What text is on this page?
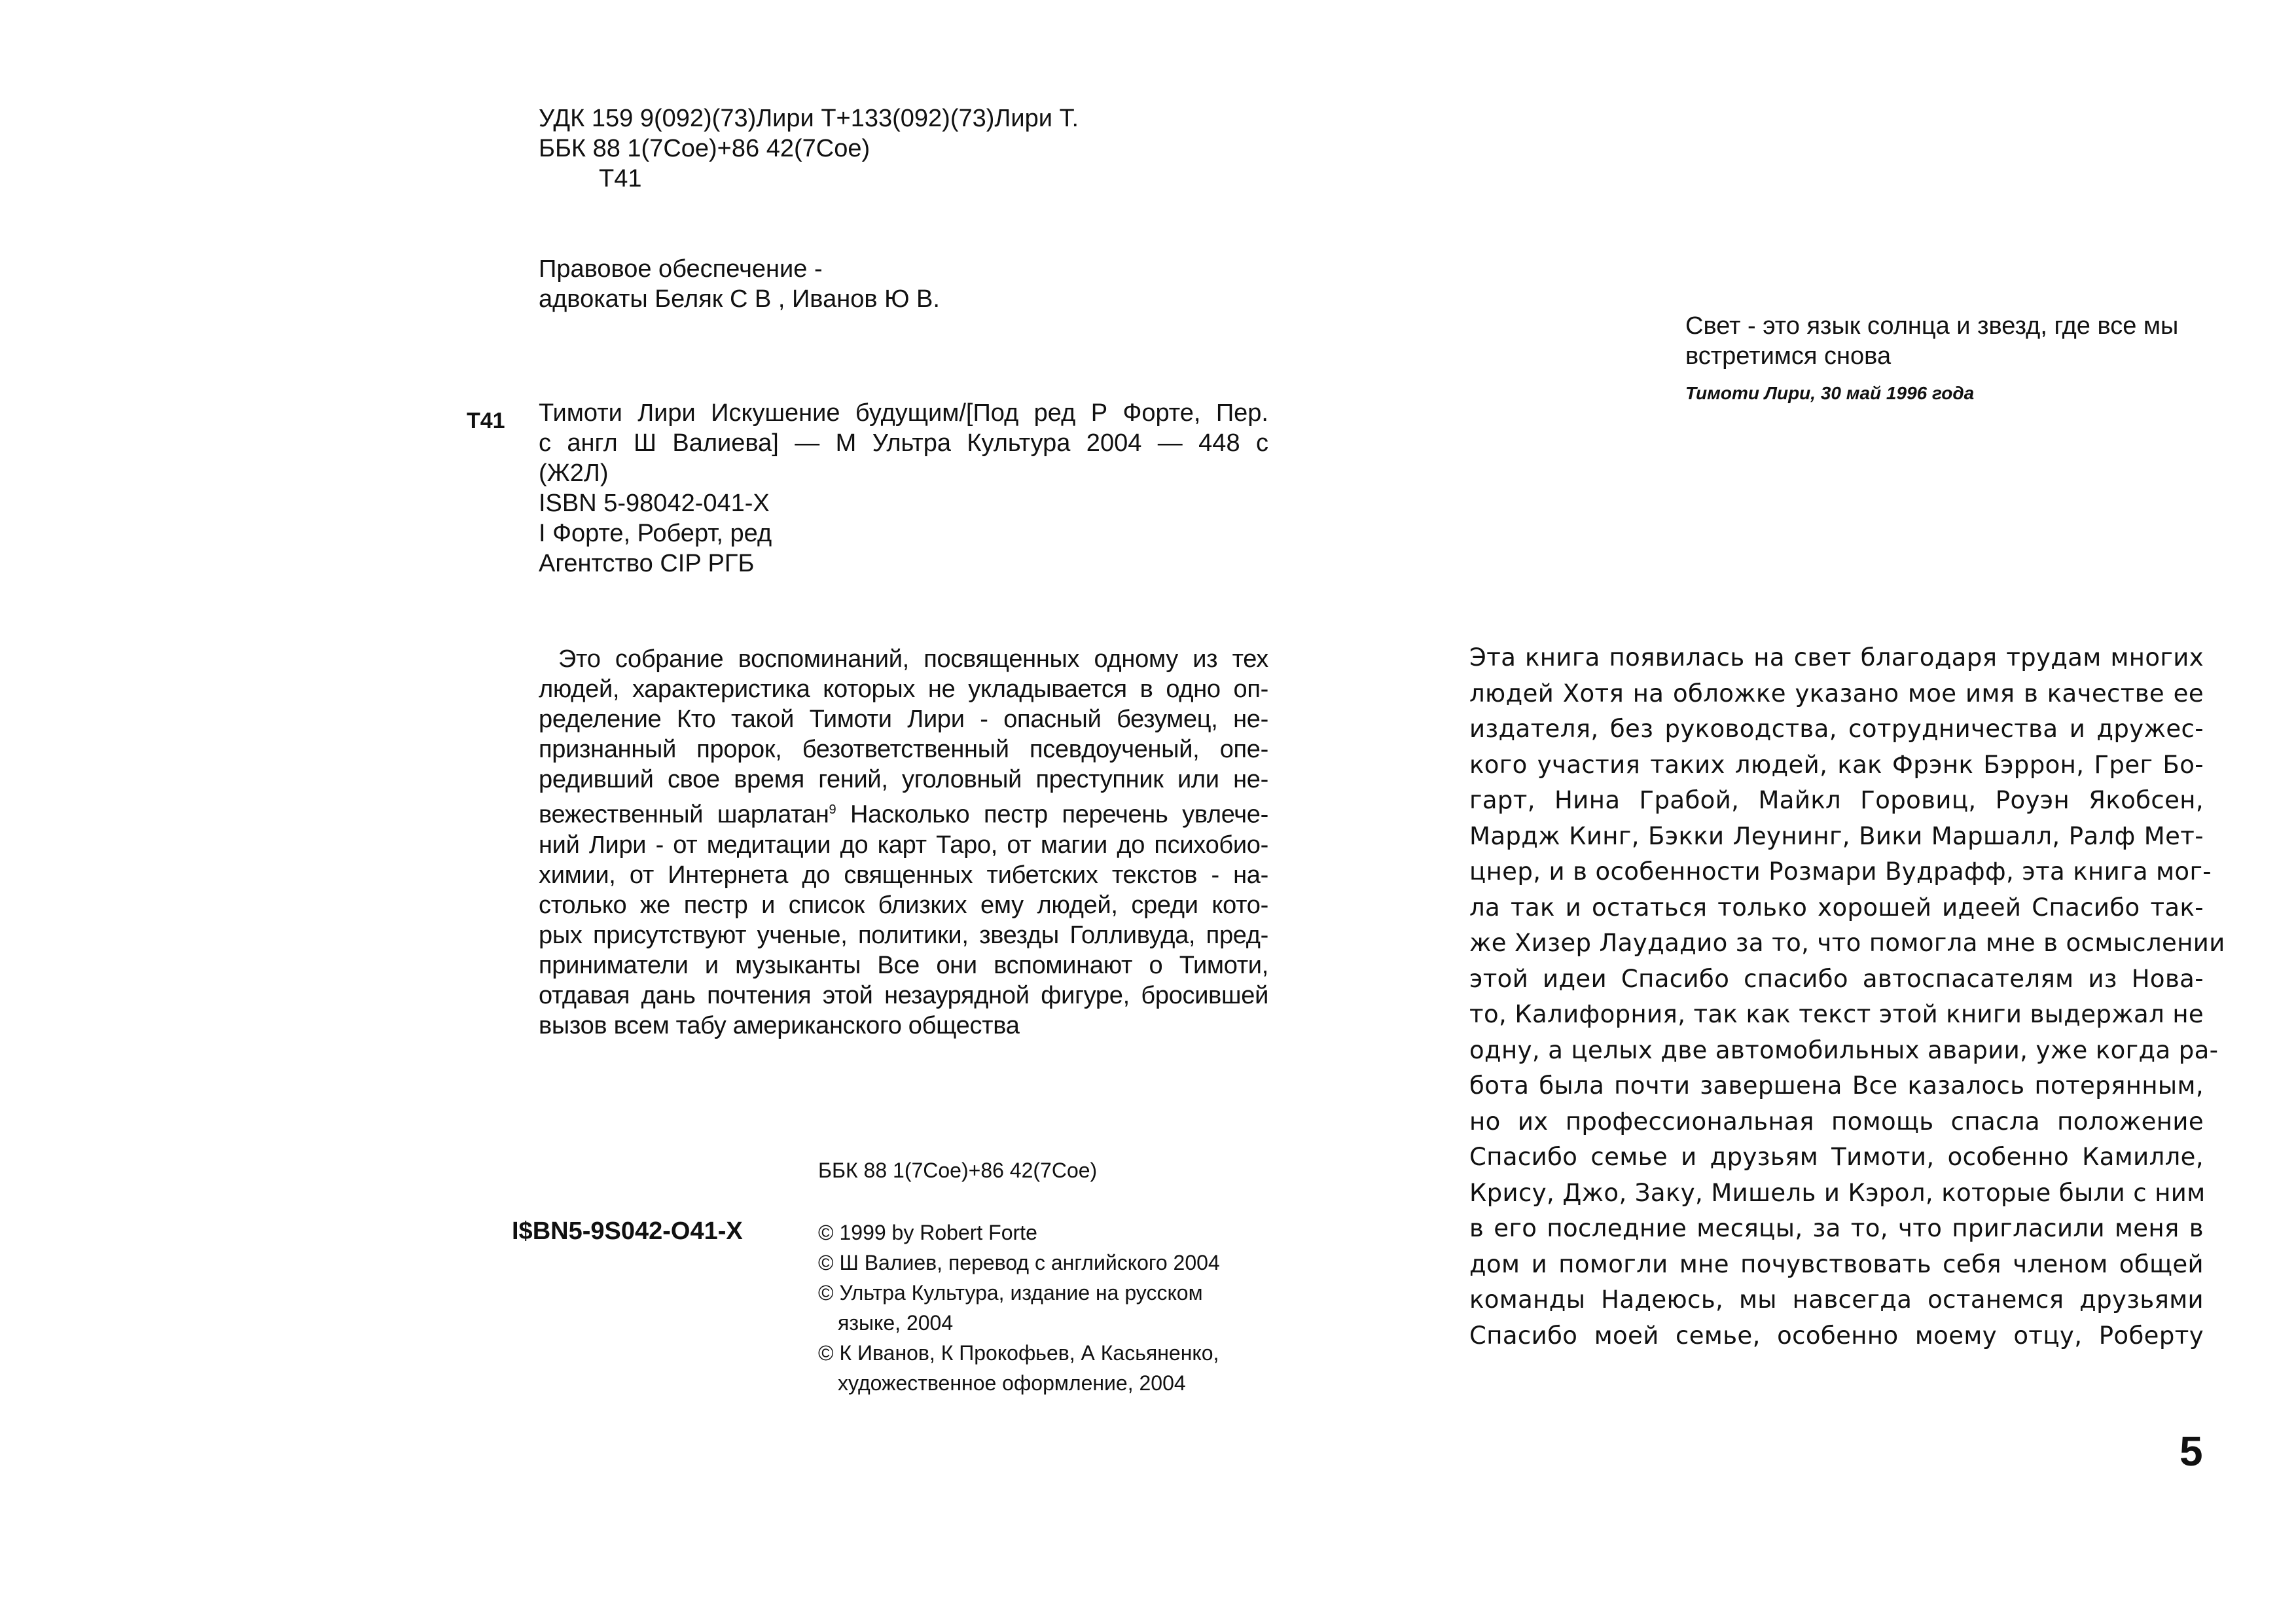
УДК 159 9(092)(73)Лири Т+133(092)(73)Лири Т.
ББК 88 1(7Сое)+86 42(7Сое)
Т41
Правовое обеспечение -
адвокаты Беляк С В , Иванов Ю В.
Т41 Тимоти Лири Искушение будущим/[Под ред Р Форте, Пер.
с англ Ш Валиева] — М Ультра Культура 2004 — 448 с
(Ж2Л)
ISBN 5-98042-041-X
I Форте, Роберт, ред
Агентство CIP РГБ
Это собрание воспоминаний, посвященных одному из тех
людей, характеристика которых не укладывается в одно оп-
ределение Кто такой Тимоти Лири - опасный безумец, не-
признанный пророк, безответственный псевдоученый, опе-
редивший свое время гений, уголовный преступник или не-
вежественный шарлатан$^9$ Насколько пестр перечень увлече-
ний Лири - от медитации до карт Таро, от магии до психобио-
химии, от Интернета до священных тибетских текстов - на-
столько же пестр и список близких ему людей, среди кото-
рых присутствуют ученые, политики, звезды Голливуда, пред-
приниматели и музыканты Все они вспоминают о Тимоти,
отдавая дань почтения этой незаурядной фигуре, бросившей
вызов всем табу американского общества
ББК 88 1(7Сое)+86 42(7Сое)
I$BN5-9S042-O41-X	© 1999 by Robert Forte
© Ш Валиев, перевод с английского 2004
© Ультра Культура, издание на русском
языке, 2004
© К Иванов, К Прокофьев, А Касьяненко,
художественное оформление, 2004
Свет - это язык солнца и звезд, где все мы встретимся снова
Тимоти Лири, 30 май 1996 года
Эта книга появилась на свет благодаря трудам многих
людей Хотя на обложке указано мое имя в качестве ее
издателя, без руководства, сотрудничества и дружес-
кого участия таких людей, как Фрэнк Бэррон, Грег Бо-
гарт, Нина Грабой, Майкл Горовиц, Роуэн Якобсен,
Мардж Кинг, Бэкки Леунинг, Вики Маршалл, Ралф Мет-
цнер, и в особенности Розмари Вудрафф, эта книга мог-
ла так и остаться только хорошей идеей Спасибо так-
же Хизер Лаудадио за то, что помогла мне в осмыслении
этой идеи Спасибо спасибо автоспасателям из Нова-
то, Калифорния, так как текст этой книги выдержал не
одну, а целых две автомобильных аварии, уже когда ра-
бота была почти завершена Все казалось потерянным,
но их профессиональная помощь спасла положение
Спасибо семье и друзьям Тимоти, особенно Камилле,
Крису, Джо, Заку, Мишель и Кэрол, которые были с ним
в его последние месяцы, за то, что пригласили меня в
дом и помогли мне почувствовать себя членом общей
команды Надеюсь, мы навсегда останемся друзьями
Спасибо моей семье, особенно моему отцу, Роберту
5
